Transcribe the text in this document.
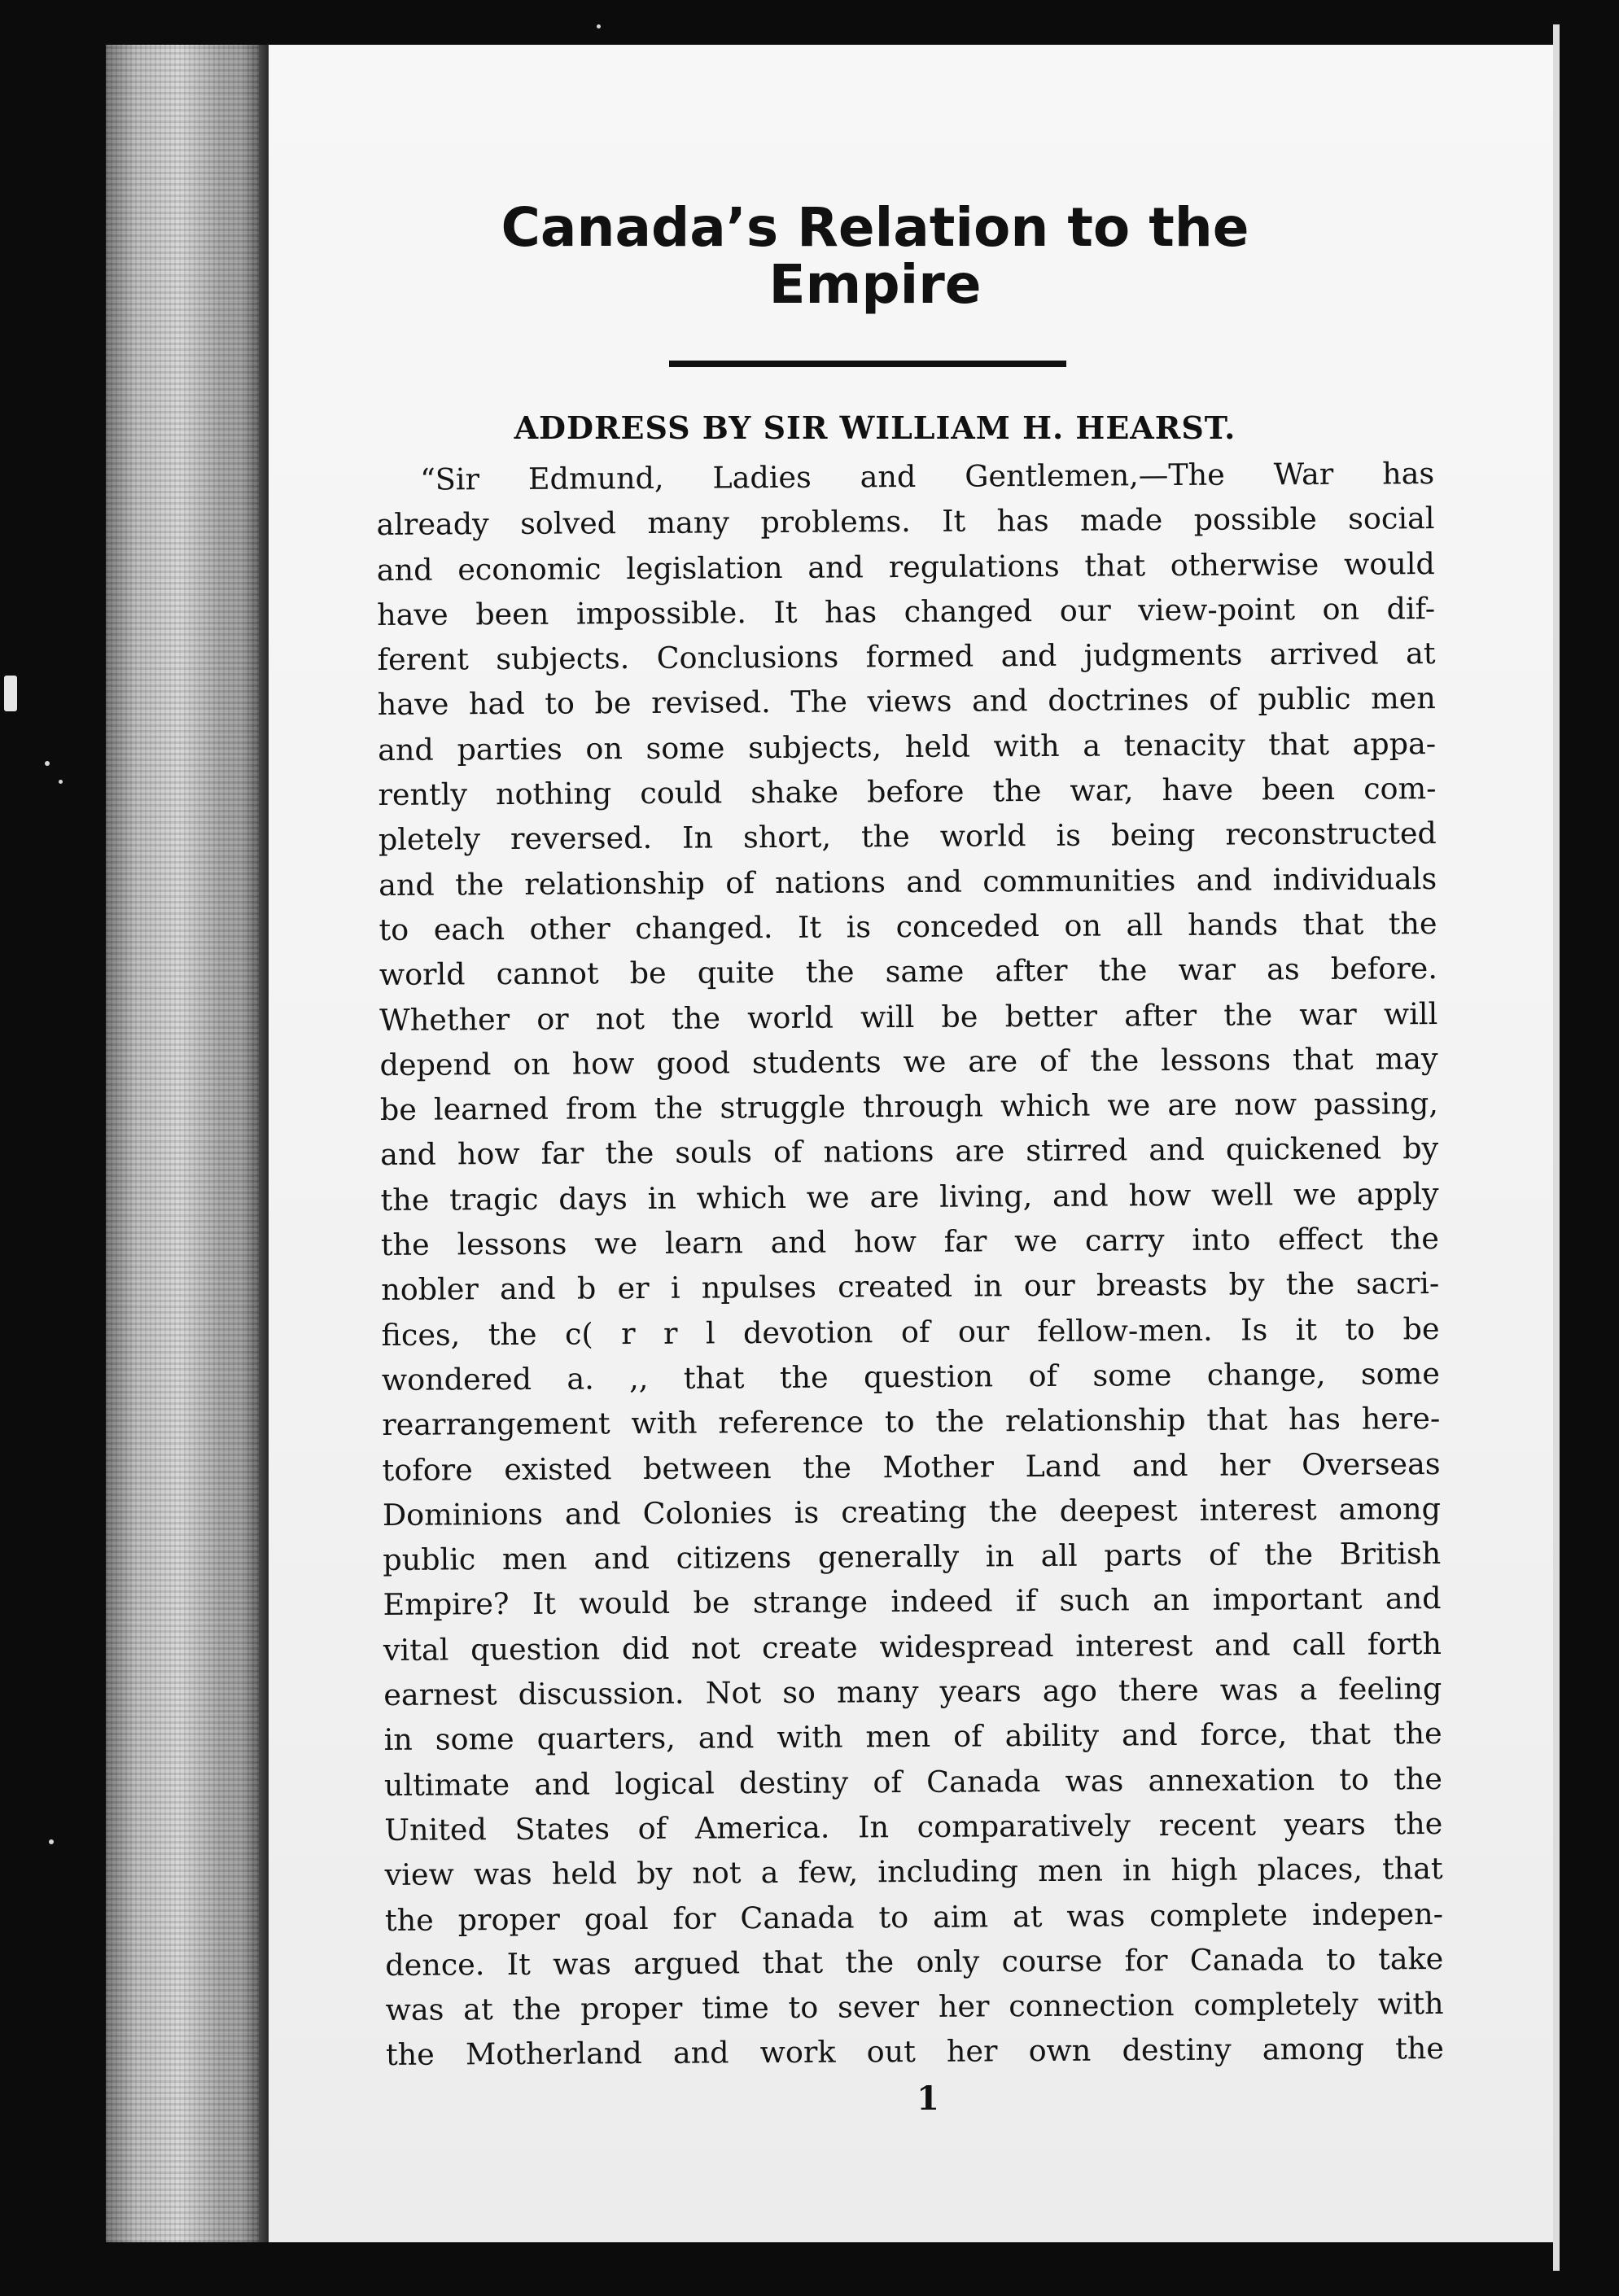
Canada’s Relation to the
Empire
ADDRESS BY SIR WILLIAM H. HEARST.
“Sir Edmund, Ladies and Gentlemen,—The War has
already solved many problems. It has made possible social
and economic legislation and regulations that otherwise would
have been impossible. It has changed our view-point on dif-
ferent subjects. Conclusions formed and judgments arrived at
have had to be revised. The views and doctrines of public men
and parties on some subjects, held with a tenacity that appa-
rently nothing could shake before the war, have been com-
pletely reversed. In short, the world is being reconstructed
and the relationship of nations and communities and individuals
to each other changed. It is conceded on all hands that the
world cannot be quite the same after the war as before.
Whether or not the world will be better after the war will
depend on how good students we are of the lessons that may
be learned from the struggle through which we are now passing,
and how far the souls of nations are stirred and quickened by
the tragic days in which we are living, and how well we apply
the lessons we learn and how far we carry into effect the
nobler and b er i npulses created in our breasts by the sacri-
fices, the c( r r l devotion of our fellow-men. Is it to be
wondered a. ,, that the question of some change, some
rearrangement with reference to the relationship that has here-
tofore existed between the Mother Land and her Overseas
Dominions and Colonies is creating the deepest interest among
public men and citizens generally in all parts of the British
Empire? It would be strange indeed if such an important and
vital question did not create widespread interest and call forth
earnest discussion. Not so many years ago there was a feeling
in some quarters, and with men of ability and force, that the
ultimate and logical destiny of Canada was annexation to the
United States of America. In comparatively recent years the
view was held by not a few, including men in high places, that
the proper goal for Canada to aim at was complete indepen-
dence. It was argued that the only course for Canada to take
was at the proper time to sever her connection completely with
the Motherland and work out her own destiny among the

1
